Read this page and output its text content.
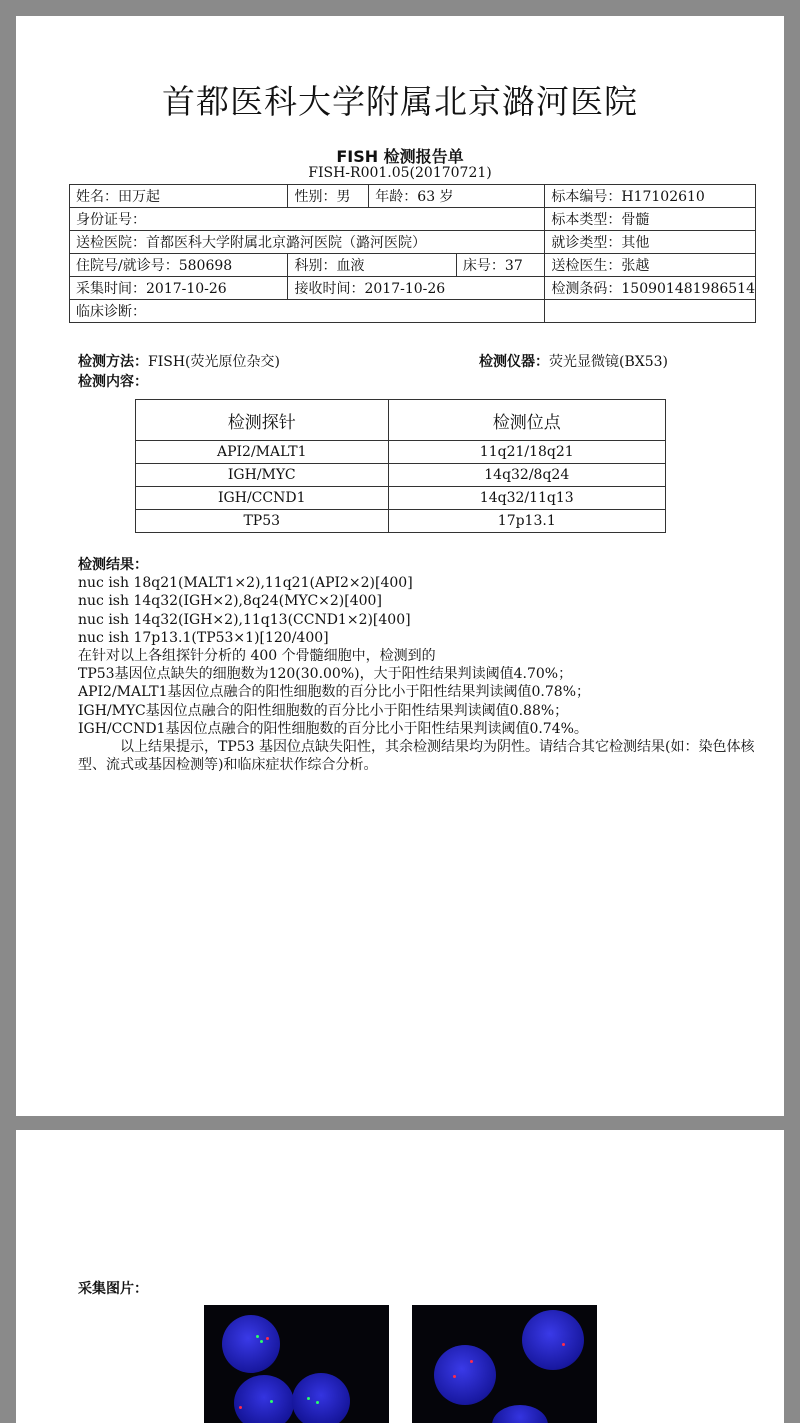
首都医科大学附属北京潞河医院
FISH 检测报告单
FISH-R001.05(20170721)
姓名：田万起	性别：男	年龄：63 岁		标本编号：H17102610
身份证号：				标本类型：骨髓
送检医院：首都医科大学附属北京潞河医院（潞河医院）				就诊类型：其他
住院号/就诊号：580698	科别：血液		床号：37	送检医生：张越
采集时间：2017-10-26	接收时间：2017-10-26			检测条码：150901481986514
临床诊断：				
检测方法：FISH(荧光原位杂交)	检测仪器：荧光显微镜(BX53)
检测内容：
检测探针	检测位点
API2/MALT1	11q21/18q21
IGH/MYC	14q32/8q24
IGH/CCND1	14q32/11q13
TP53	17p13.1
检测结果：
nuc ish 18q21(MALT1×2),11q21(API2×2)[400]
nuc ish 14q32(IGH×2),8q24(MYC×2)[400]
nuc ish 14q32(IGH×2),11q13(CCND1×2)[400]
nuc ish 17p13.1(TP53×1)[120/400]
在针对以上各组探针分析的 400 个骨髓细胞中，检测到的
TP53基因位点缺失的细胞数为120(30.00%)，大于阳性结果判读阈值4.70%；
API2/MALT1基因位点融合的阳性细胞数的百分比小于阳性结果判读阈值0.78%；
IGH/MYC基因位点融合的阳性细胞数的百分比小于阳性结果判读阈值0.88%；
IGH/CCND1基因位点融合的阳性细胞数的百分比小于阳性结果判读阈值0.74%。
以上结果提示，TP53 基因位点缺失阳性，其余检测结果均为阴性。请结合其它检测结果(如：染色体核型、流式或基因检测等)和临床症状作综合分析。
采集图片：
